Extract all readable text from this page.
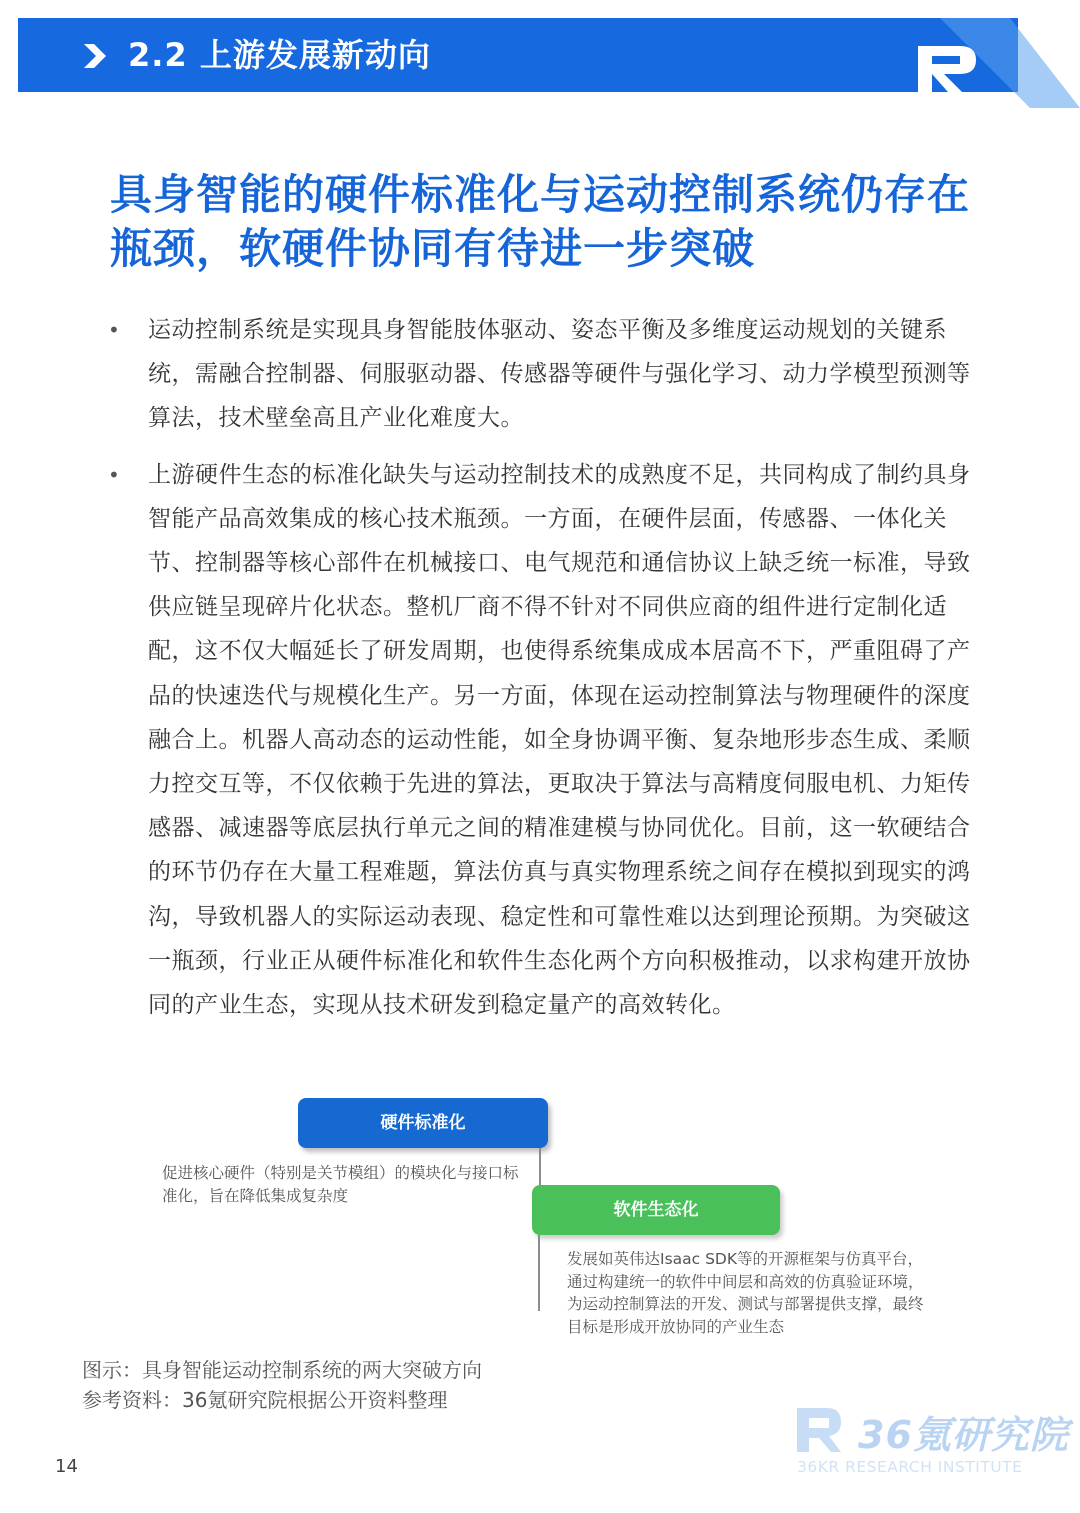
2.2 上游发展新动向
具身智能的硬件标准化与运动控制系统仍存在
瓶颈，软硬件协同有待进一步突破
• 运动控制系统是实现具身智能肢体驱动、姿态平衡及多维度运动规划的关键系统，需融合控制器、伺服驱动器、传感器等硬件与强化学习、动力学模型预测等算法，技术壁垒高且产业化难度大。
• 上游硬件生态的标准化缺失与运动控制技术的成熟度不足，共同构成了制约具身智能产品高效集成的核心技术瓶颈。一方面，在硬件层面，传感器、一体化关节、控制器等核心部件在机械接口、电气规范和通信协议上缺乏统一标准，导致供应链呈现碎片化状态。整机厂商不得不针对不同供应商的组件进行定制化适配，这不仅大幅延长了研发周期，也使得系统集成成本居高不下，严重阻碍了产品的快速迭代与规模化生产。另一方面，体现在运动控制算法与物理硬件的深度融合上。机器人高动态的运动性能，如全身协调平衡、复杂地形步态生成、柔顺力控交互等，不仅依赖于先进的算法，更取决于算法与高精度伺服电机、力矩传感器、减速器等底层执行单元之间的精准建模与协同优化。目前，这一软硬结合的环节仍存在大量工程难题，算法仿真与真实物理系统之间存在模拟到现实的鸿沟，导致机器人的实际运动表现、稳定性和可靠性难以达到理论预期。为突破这一瓶颈，行业正从硬件标准化和软件生态化两个方向积极推动，以求构建开放协同的产业生态，实现从技术研发到稳定量产的高效转化。
硬件标准化
促进核心硬件（特别是关节模组）的模块化与接口标准化，旨在降低集成复杂度
软件生态化
发展如英伟达Isaac SDK等的开源框架与仿真平台，通过构建统一的软件中间层和高效的仿真验证环境，为运动控制算法的开发、测试与部署提供支撑，最终目标是形成开放协同的产业生态
图示：具身智能运动控制系统的两大突破方向
参考资料：36氪研究院根据公开资料整理
36氪研究院
36KR RESEARCH INSTITUTE
14
